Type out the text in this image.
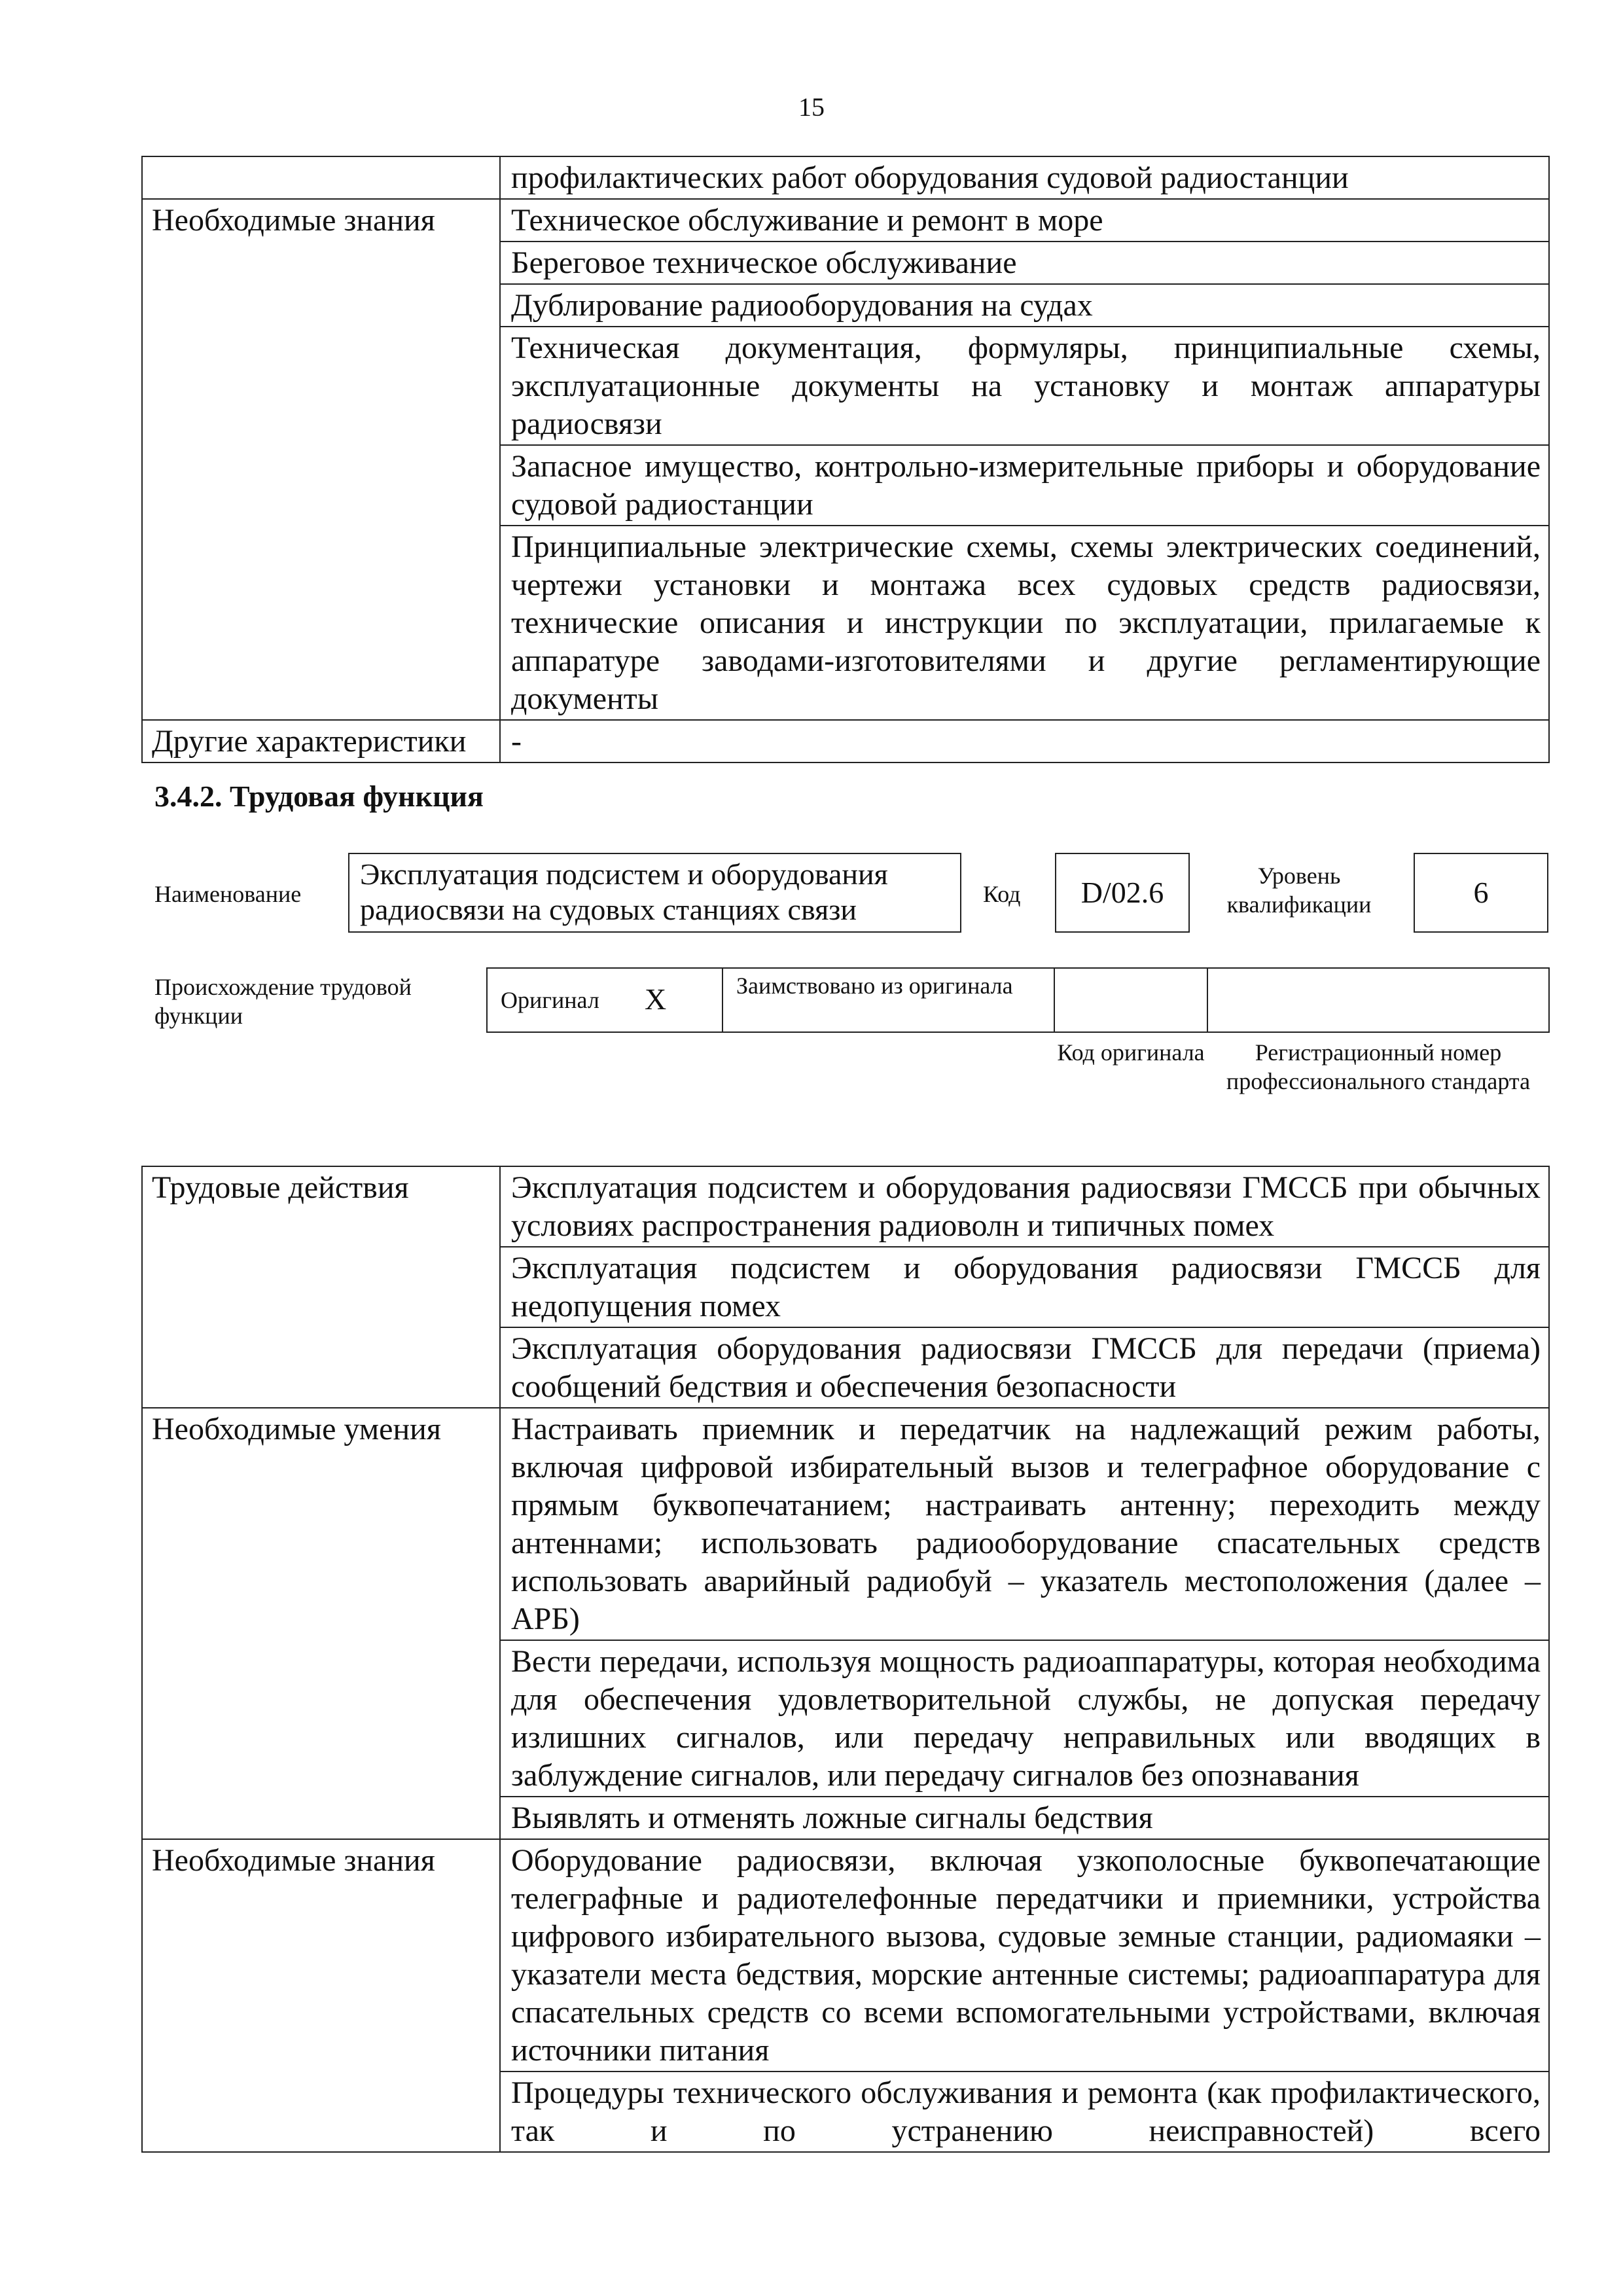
15
	профилактических работ оборудования судовой радиостанции
Необходимые знания	Техническое обслуживание и ремонт в море
	Береговое техническое обслуживание
	Дублирование радиооборудования на судах
	Техническая документация, формуляры, принципиальные схемы, эксплуатационные документы на установку и монтаж аппаратуры радиосвязи
	Запасное имущество, контрольно-измерительные приборы и оборудование судовой радиостанции
	Принципиальные электрические схемы, схемы электрических соединений, чертежи установки и монтажа всех судовых средств радиосвязи, технические описания и инструкции по эксплуатации, прилагаемые к аппаратуре заводами-изготовителями и другие регламентирующие документы
Другие характеристики	-
3.4.2. Трудовая функция
Наименование
Эксплуатация подсистем и оборудования радиосвязи на судовых станциях связи	Код	D/02.6	Уровень квалификации	6
Происхождение трудовой функции
Оригинал X	Заимствовано из оригинала
Код оригинала	Регистрационный номер профессионального стандарта
Трудовые действия	Эксплуатация подсистем и оборудования радиосвязи ГМССБ при обычных условиях распространения радиоволн и типичных помех
	Эксплуатация подсистем и оборудования радиосвязи ГМССБ для недопущения помех
	Эксплуатация оборудования радиосвязи ГМССБ для передачи (приема) сообщений бедствия и обеспечения безопасности
Необходимые умения	Настраивать приемник и передатчик на надлежащий режим работы, включая цифровой избирательный вызов и телеграфное оборудование с прямым буквопечатанием; настраивать антенну; переходить между антеннами; использовать радиооборудование спасательных средств использовать аварийный радиобуй – указатель местоположения (далее – АРБ)
	Вести передачи, используя мощность радиоаппаратуры, которая необходима для обеспечения удовлетворительной службы, не допуская передачу излишних сигналов, или передачу неправильных или вводящих в заблуждение сигналов, или передачу сигналов без опознавания
	Выявлять и отменять ложные сигналы бедствия
Необходимые знания	Оборудование радиосвязи, включая узкополосные буквопечатающие телеграфные и радиотелефонные передатчики и приемники, устройства цифрового избирательного вызова, судовые земные станции, радиомаяки – указатели места бедствия, морские антенные системы; радиоаппаратура для спасательных средств со всеми вспомогательными устройствами, включая источники питания
	Процедуры технического обслуживания и ремонта (как профилактического, так и по устранению неисправностей) всего
